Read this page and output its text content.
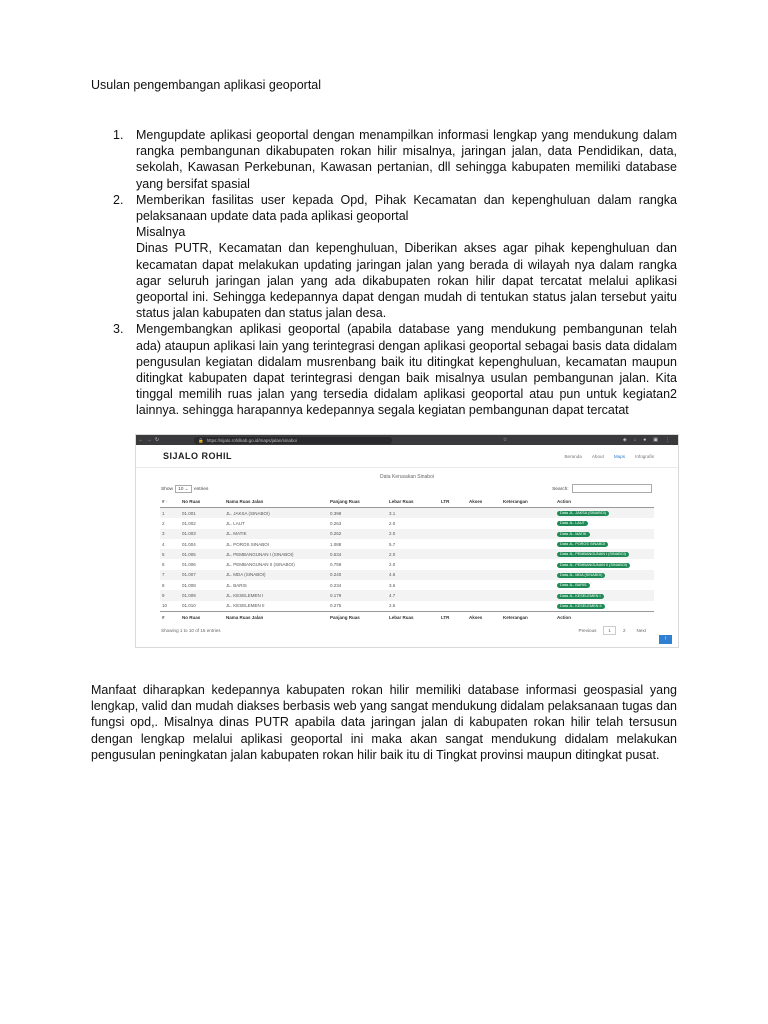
Usulan pengembangan aplikasi geoportal
1. Mengupdate aplikasi geoportal dengan menampilkan informasi lengkap yang mendukung dalam rangka pembangunan dikabupaten rokan hilir misalnya, jaringan jalan, data Pendidikan, data, sekolah, Kawasan Perkebunan, Kawasan pertanian, dll sehingga kabupaten memiliki database yang bersifat spasial

2. Memberikan fasilitas user kepada Opd, Pihak Kecamatan dan kepenghuluan dalam rangka pelaksanaan update data pada aplikasi geoportal

Misalnya

Dinas PUTR, Kecamatan dan kepenghuluan, Diberikan akses agar pihak kepenghuluan dan kecamatan dapat melakukan updating jaringan jalan yang berada di wilayah nya dalam rangka agar seluruh jaringan jalan yang ada dikabupaten rokan hilir dapat tercatat melalui aplikasi geoportal ini. Sehingga kedepannya dapat dengan mudah di tentukan status jalan tersebut yaitu status jalan kabupaten dan status jalan desa.

3. Mengembangkan aplikasi geoportal (apabila database yang mendukung pembangunan telah ada) ataupun aplikasi lain yang terintegrasi dengan aplikasi geoportal sebagai basis data didalam pengusulan kegiatan didalam musrenbang baik itu ditingkat kepenghuluan, kecamatan maupun ditingkat kabupaten dapat terintegrasi dengan baik misalnya usulan pembangunan jalan. Kita tinggal memilih ruas jalan yang tersedia didalam aplikasi geoportal atau pun untuk kegiatan2 lainnya. sehingga harapannya kedepannya segala kegiatan pembangunan dapat tercatat

← → ↻	🔒 https://sijalo.rohilkab.go.id/maps/jalan/sinaboi	☆	◈ ↓ ● ▣ ⋮
SIJALO ROHIL	Beranda About Maps Infografis
Data Kerusakan Sinaboi
Show 10 ⌄ entries	Search:
# ↕	No Ruas	Nama Ruas Jalan	Panjang Ruas	Lebar Ruas	LTR	Akses	Keterangan	Action
1	01.001	JL. JAKSA (SINABOI)	0.398	3.1				Data JL. JAKSA (SINABOI)
2	01.002	JL. LAUT	0.263	2.0				Data JL. LAUT
3	01.003	JL. MATIK	0.262	2.0				Data JL. MATIK
4	01.004	JL. POROS SINABOI	1.088	5.7				Data JL. POROS SINABOI
5	01.005	JL. PEMBANGUNAN I (SINABOI)	0.534	2.0				Data JL. PEMBANGUNAN I (SINABOI)
6	01.006	JL. PEMBANGUNAN II (SINABOI)	0.759	2.0				Data JL. PEMBANGUNAN II (SINABOI)
7	01.007	JL. MDA (SINABOI)	0.240	4.6				Data JL. MDA (SINABOI)
8	01.008	JL. BARIS	0.234	3.6				Data JL. BARIS
9	01.009	JL. KESELEMEN I	0.179	4.7				Data JL. KESELEMEN I
10	01.010	JL. KESELEMEN II	0.275	2.5				Data JL. KESELEMEN II
#	No Ruas	Nama Ruas Jalan	Panjang Ruas	Lebar Ruas	LTR	Akses	Keterangan	Action
Showing 1 to 10 of 15 entries	Previous	1	2	Next
↑

Manfaat diharapkan kedepannya kabupaten rokan hilir memiliki database informasi geospasial yang lengkap, valid dan mudah diakses berbasis web yang sangat mendukung didalam pelaksanaan tugas dan fungsi opd,. Misalnya dinas PUTR apabila data jaringan jalan di kabupaten rokan hilir telah tersusun dengan lengkap melalui aplikasi geoportal ini maka akan sangat mendukung didalam melakukan pengusulan peningkatan jalan kabupaten rokan hilir baik itu di Tingkat provinsi maupun ditingkat pusat.
